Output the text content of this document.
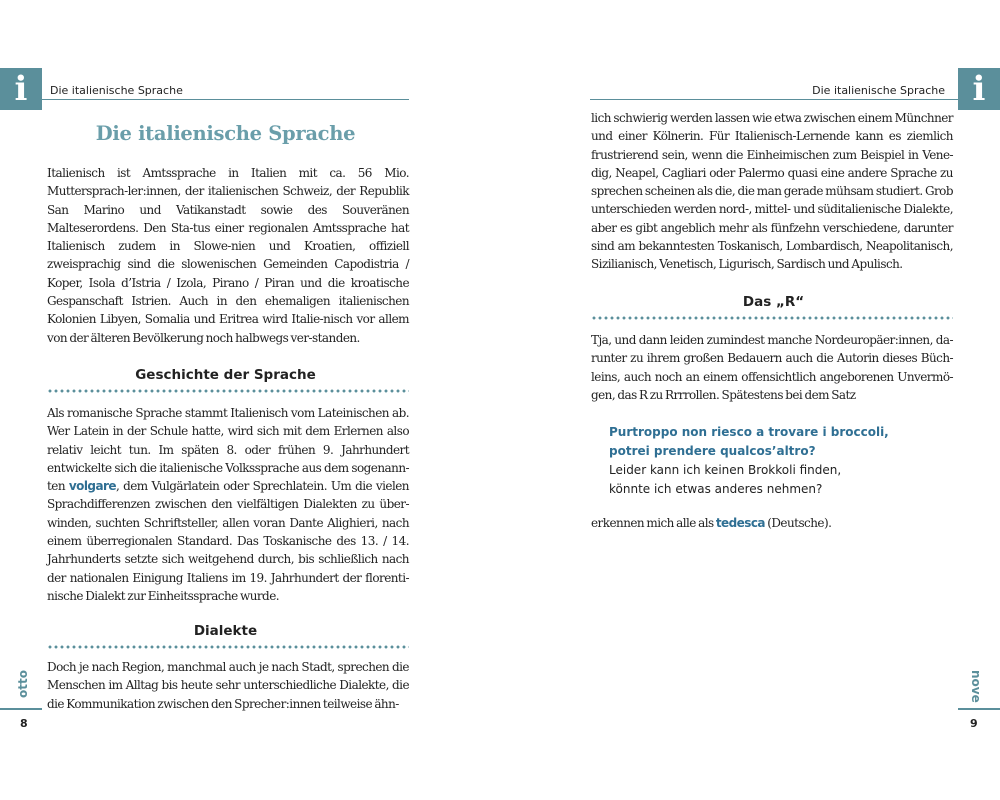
i	Die italienische Sprache
Die italienische Sprache

Italienisch ist Amtssprache in Italien mit ca. 56 Mio. Muttersprach-ler:innen, der italienischen Schweiz, der Republik San Marino und Vatikanstadt sowie des Souveränen Malteserordens. Den Sta-tus einer regionalen Amtssprache hat Italienisch zudem in Slowe-nien und Kroatien, offiziell zweisprachig sind die slowenischen Gemeinden Capodistria / Koper, Isola d’Istria / Izola, Pirano / Piran und die kroatische Gespanschaft Istrien. Auch in den ehemaligen italienischen Kolonien Libyen, Somalia und Eritrea wird Italie-nisch vor allem von der älteren Bevölkerung noch halbwegs ver-standen.

Geschichte der Sprache

Als romanische Sprache stammt Italienisch vom Lateinischen ab. Wer Latein in der Schule hatte, wird sich mit dem Erlernen also relativ leicht tun. Im späten 8. oder frühen 9. Jahrhundert entwickelte sich die italienische Volkssprache aus dem sogenann-ten volgare, dem Vulgärlatein oder Sprechlatein. Um die vielen Sprachdifferenzen zwischen den vielfältigen Dialekten zu über-winden, suchten Schriftsteller, allen voran Dante Alighieri, nach einem überregionalen Standard. Das Toskanische des 13. / 14. Jahrhunderts setzte sich weitgehend durch, bis schließlich nach der nationalen Einigung Italiens im 19. Jahrhundert der florenti-nische Dialekt zur Einheitssprache wurde.

Dialekte

Doch je nach Region, manchmal auch je nach Stadt, sprechen die Menschen im Alltag bis heute sehr unterschiedliche Dialekte, die die Kommunikation zwischen den Sprecher:innen teilweise ähn-

otto
8
i
Die italienische Sprache

lich schwierig werden lassen wie etwa zwischen einem Münchner und einer Kölnerin. Für Italienisch-Lernende kann es ziemlich frustrierend sein, wenn die Einheimischen zum Beispiel in Vene-dig, Neapel, Cagliari oder Palermo quasi eine andere Sprache zu sprechen scheinen als die, die man gerade mühsam studiert. Grob unterschieden werden nord-, mittel- und süditalienische Dialekte, aber es gibt angeblich mehr als fünfzehn verschiedene, darunter sind am bekanntesten Toskanisch, Lombardisch, Neapolitanisch, Sizilianisch, Venetisch, Ligurisch, Sardisch und Apulisch.

Das „R“

Tja, und dann leiden zumindest manche Nordeuropäer:innen, da-runter zu ihrem großen Bedauern auch die Autorin dieses Büch-leins, auch noch an einem offensichtlich angeborenen Unvermö-gen, das R zu Rrrrollen. Spätestens bei dem Satz

erkennen mich alle als tedesca (Deutsche).

nove
9
Purtroppo non riesco a trovare i broccoli,
potrei prendere qualcos’altro?
Leider kann ich keinen Brokkoli finden,
könnte ich etwas anderes nehmen?
